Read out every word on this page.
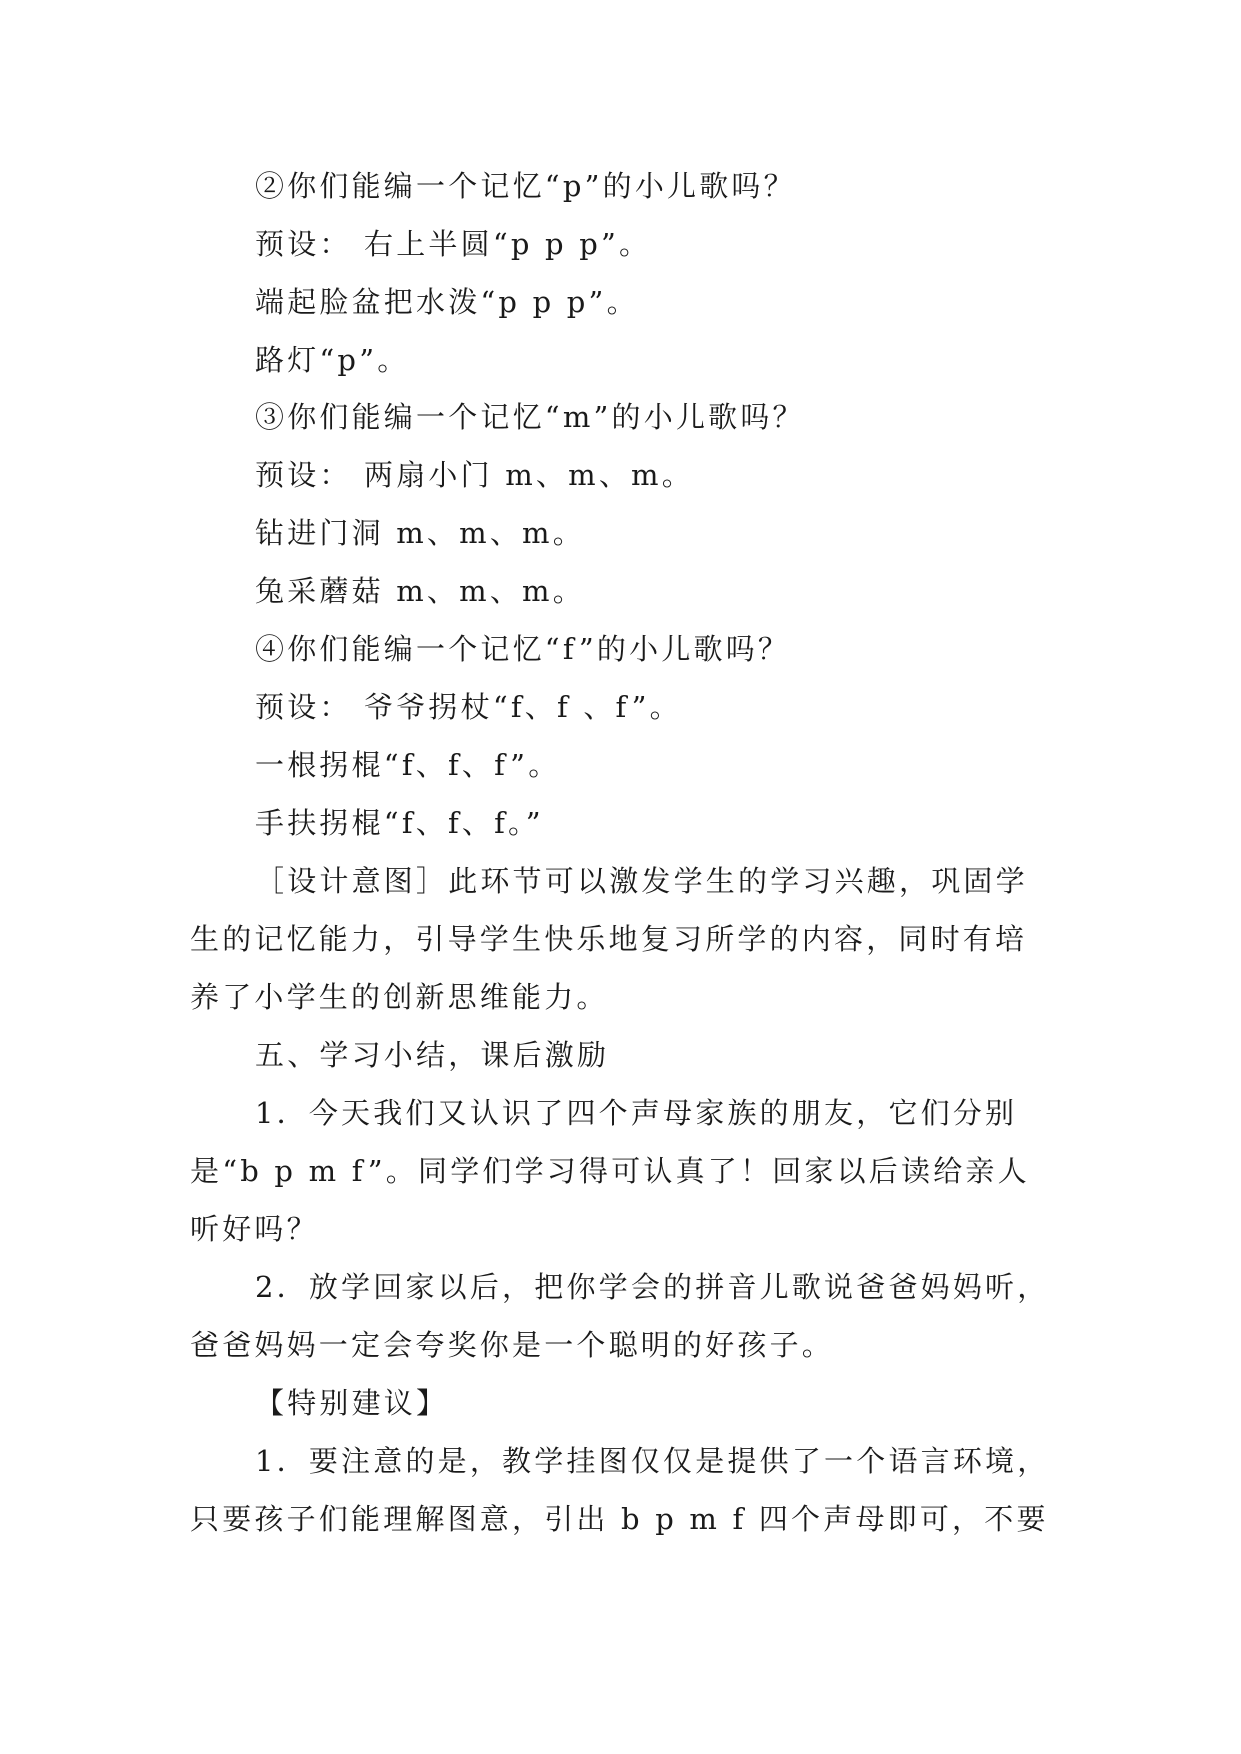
②你们能编一个记忆“p”的小儿歌吗？
预设： 右上半圆“p p p”。
端起脸盆把水泼“p p p”。
路灯“p”。
③你们能编一个记忆“m”的小儿歌吗？
预设： 两扇小门 m、m、m。
钻进门洞 m、m、m。
兔采蘑菇 m、m、m。
④你们能编一个记忆“f”的小儿歌吗？
预设： 爷爷拐杖“f、f 、f”。
一根拐棍“f、f、f”。
手扶拐棍“f、f、f。”
［设计意图］此环节可以激发学生的学习兴趣，巩固学
生的记忆能力，引导学生快乐地复习所学的内容，同时有培
养了小学生的创新思维能力。
五、学习小结，课后激励
1．今天我们又认识了四个声母家族的朋友，它们分别
是“b p m f”。同学们学习得可认真了！回家以后读给亲人
听好吗？
2．放学回家以后，把你学会的拼音儿歌说爸爸妈妈听，
爸爸妈妈一定会夸奖你是一个聪明的好孩子。
【特别建议】
1．要注意的是，教学挂图仅仅是提供了一个语言环境，
只要孩子们能理解图意，引出 b p m f 四个声母即可，不要
